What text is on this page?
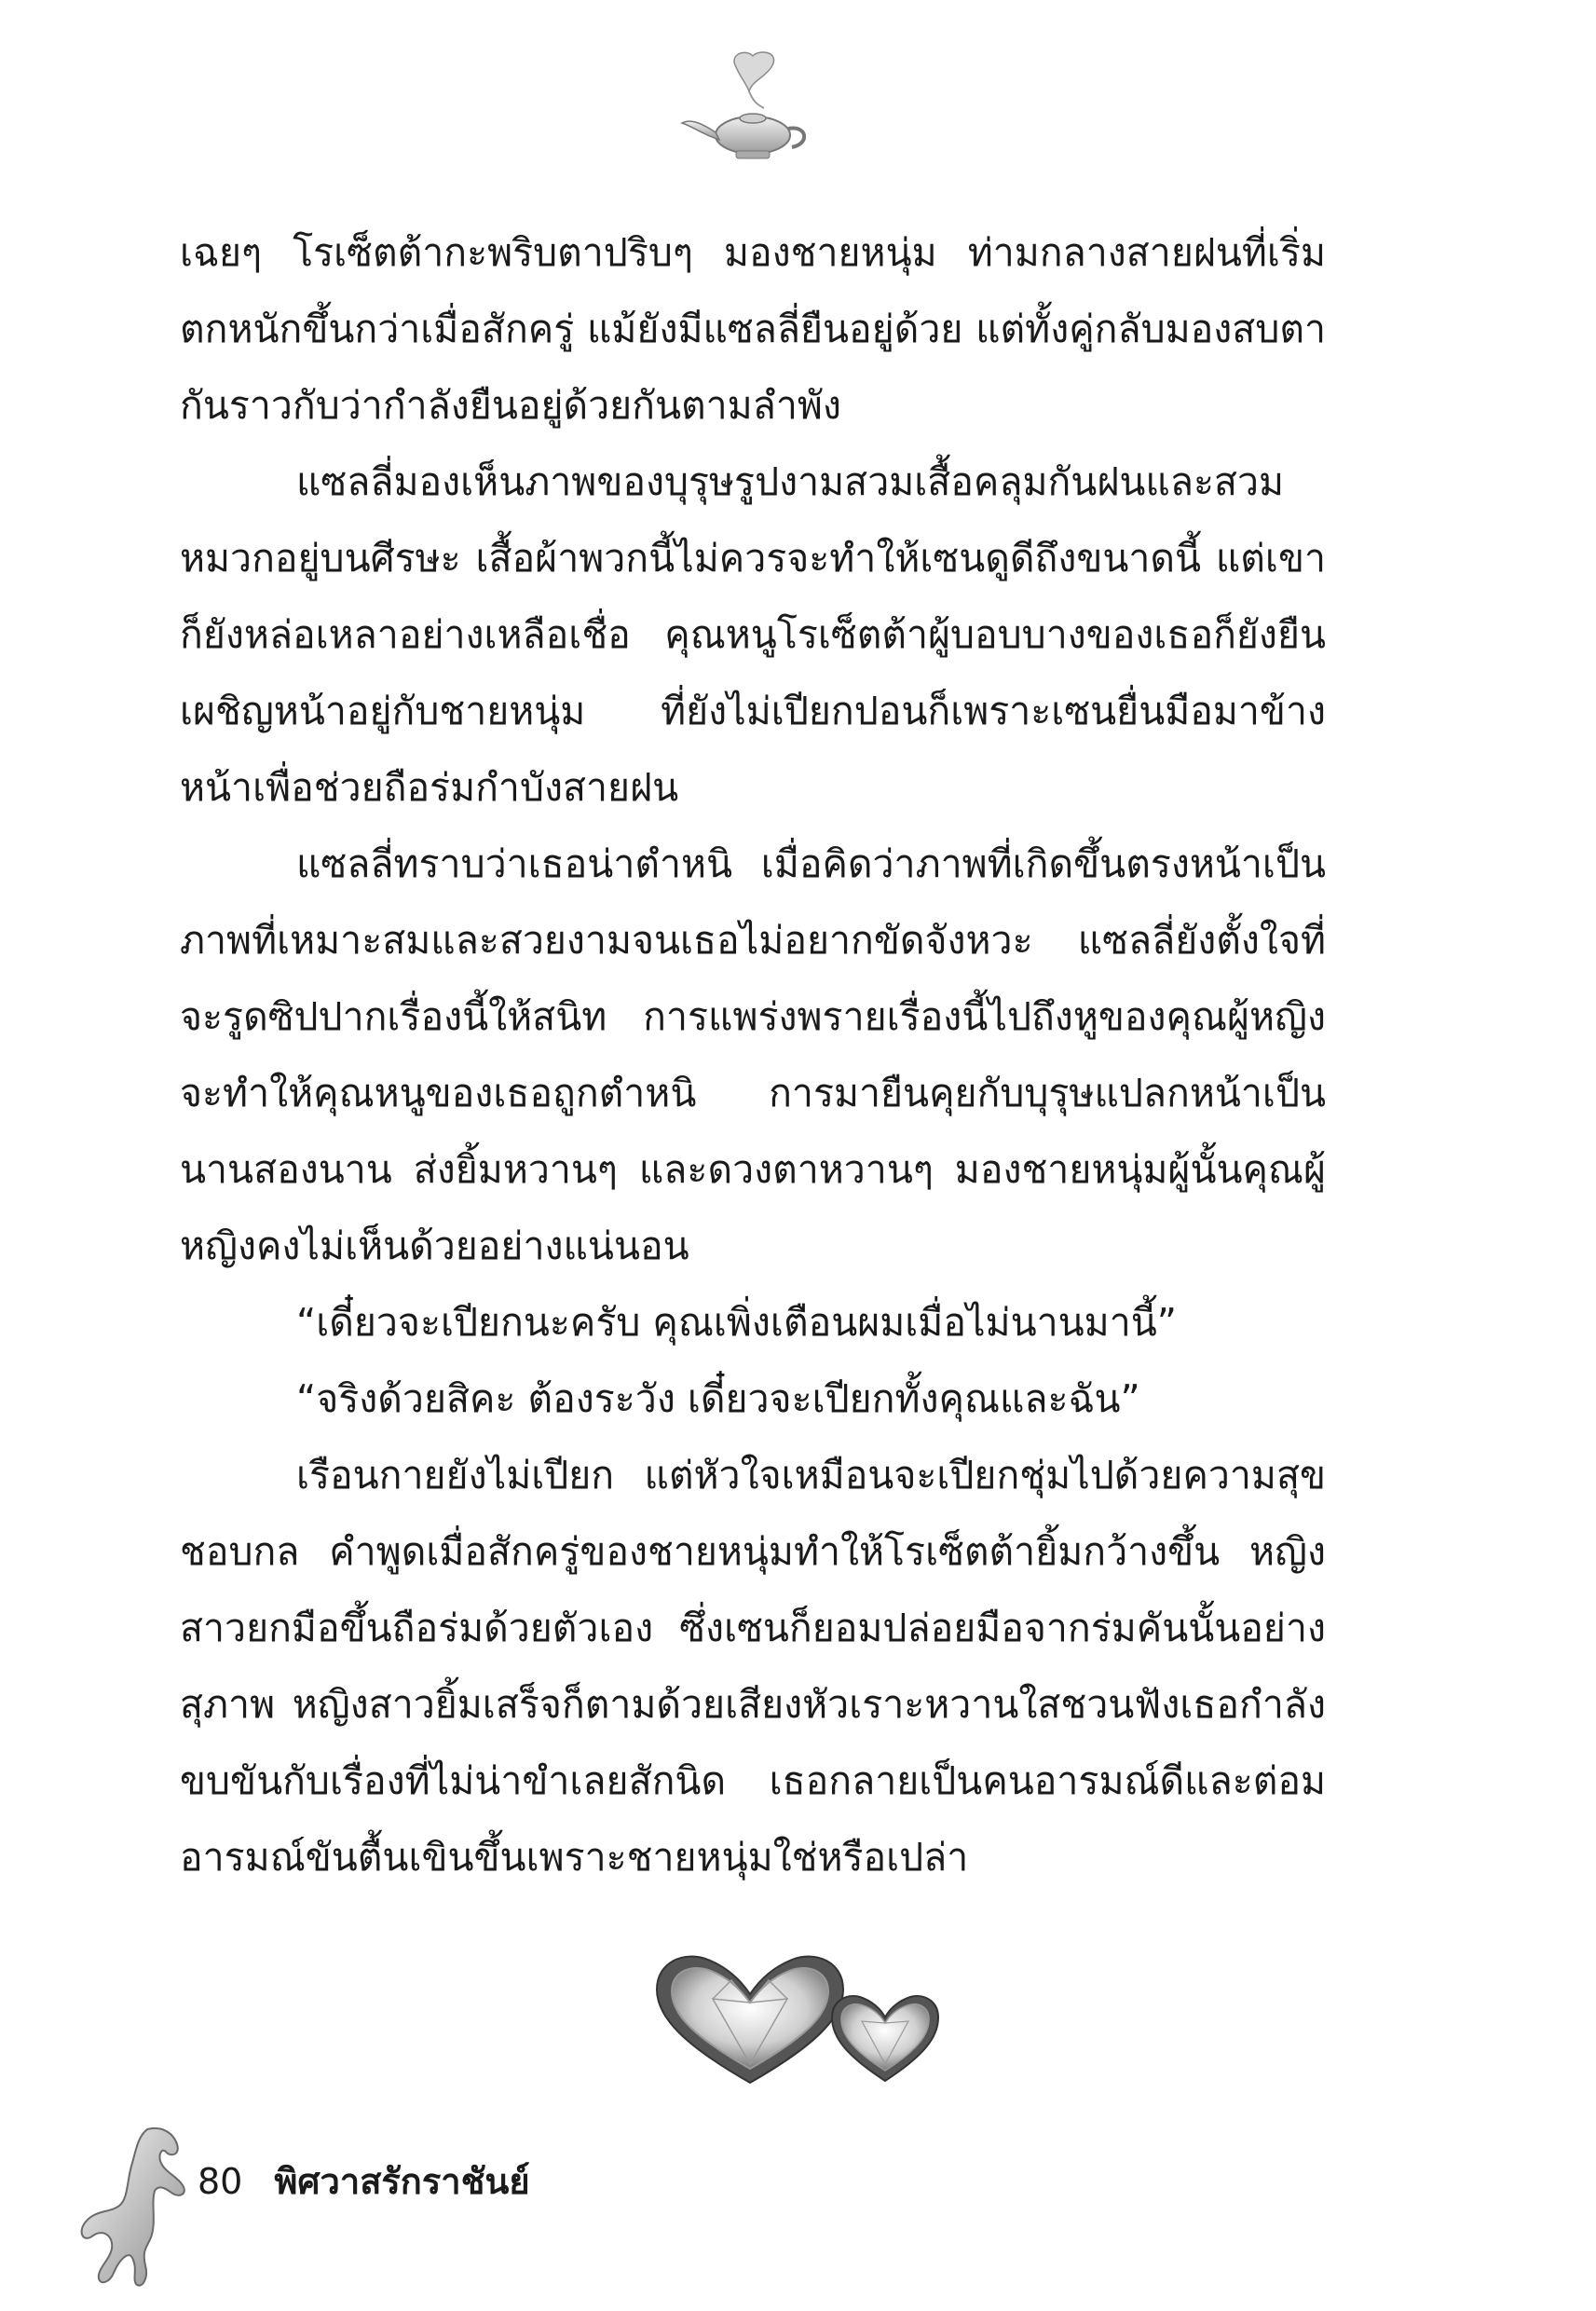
เฉยๆ โรเซ็ตต้ากะพริบตาปริบๆ มองชายหนุ่ม ท่ามกลางสายฝนที่เริ่มตกหนักขึ้นกว่าเมื่อสักครู่ แม้ยังมีแซลลี่ยืนอยู่ด้วย แต่ทั้งคู่กลับมองสบตากันราวกับว่ากำลังยืนอยู่ด้วยกันตามลำพัง

แซลลี่มองเห็นภาพของบุรุษรูปงามสวมเสื้อคลุมกันฝนและสวมหมวกอยู่บนศีรษะ เสื้อผ้าพวกนี้ไม่ควรจะทำให้เซนดูดีถึงขนาดนี้ แต่เขาก็ยังหล่อเหลาอย่างเหลือเชื่อ คุณหนูโรเซ็ตต้าผู้บอบบางของเธอก็ยังยืนเผชิญหน้าอยู่กับชายหนุ่ม ที่ยังไม่เปียกปอนก็เพราะเซนยื่นมือมาข้างหน้าเพื่อช่วยถือร่มกำบังสายฝน

แซลลี่ทราบว่าเธอน่าตำหนิ เมื่อคิดว่าภาพที่เกิดขึ้นตรงหน้าเป็นภาพที่เหมาะสมและสวยงามจนเธอไม่อยากขัดจังหวะ แซลลี่ยังตั้งใจที่จะรูดซิปปากเรื่องนี้ให้สนิท การแพร่งพรายเรื่องนี้ไปถึงหูของคุณผู้หญิงจะทำให้คุณหนูของเธอถูกตำหนิ การมายืนคุยกับบุรุษแปลกหน้าเป็นนานสองนาน ส่งยิ้มหวานๆ และดวงตาหวานๆ มองชายหนุ่มผู้นั้นคุณผู้หญิงคงไม่เห็นด้วยอย่างแน่นอน

“เดี๋ยวจะเปียกนะครับ คุณเพิ่งเตือนผมเมื่อไม่นานมานี้”

“จริงด้วยสิคะ ต้องระวัง เดี๋ยวจะเปียกทั้งคุณและฉัน”

เรือนกายยังไม่เปียก แต่หัวใจเหมือนจะเปียกชุ่มไปด้วยความสุขชอบกล คำพูดเมื่อสักครู่ของชายหนุ่มทำให้โรเซ็ตต้ายิ้มกว้างขึ้น หญิงสาวยกมือขึ้นถือร่มด้วยตัวเอง ซึ่งเซนก็ยอมปล่อยมือจากร่มคันนั้นอย่างสุภาพ หญิงสาวยิ้มเสร็จก็ตามด้วยเสียงหัวเราะหวานใสชวนฟังเธอกำลังขบขันกับเรื่องที่ไม่น่าขำเลยสักนิด เธอกลายเป็นคนอารมณ์ดีและต่อมอารมณ์ขันตื้นเขินขึ้นเพราะชายหนุ่มใช่หรือเปล่า

80 พิศวาสรักราชันย์
